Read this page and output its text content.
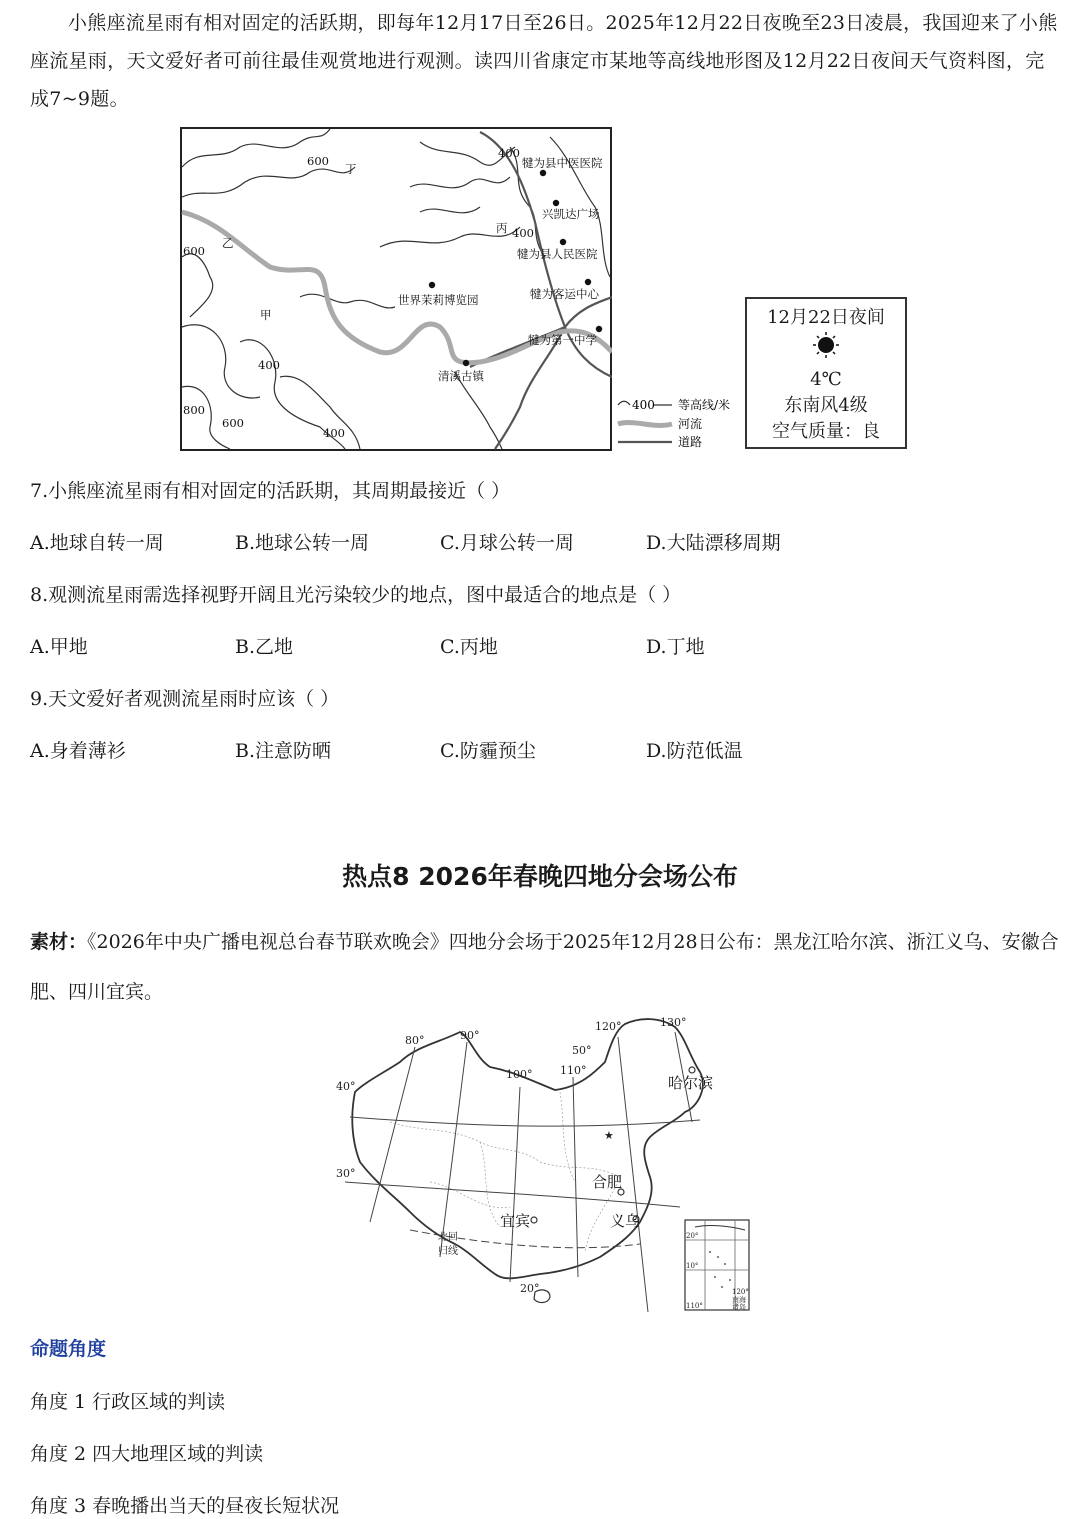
小熊座流星雨有相对固定的活跃期，即每年12月17日至26日。2025年12月22日夜晚至23日凌晨，我国迎来了小熊座流星雨，天文爱好者可前往最佳观赏地进行观测。读四川省康定市某地等高线地形图及12月22日夜间天气资料图，完成7~9题。
丁
乙
甲
丙
600
600
600
400
400
400
400
800
犍为县中医医院
兴凯达广场
犍为县人民医院
犍为客运中心
世界茉莉博览园
犍为第一中学
清溪古镇
400 等高线/米
河流
道路
12月22日夜间
4℃
东南风4级
空气质量：良
7.小熊座流星雨有相对固定的活跃期，其周期最接近（ ）
A.地球自转一周	B.地球公转一周	C.月球公转一周	D.大陆漂移周期
8.观测流星雨需选择视野开阔且光污染较少的地点，图中最适合的地点是（ ）
A.甲地	B.乙地	C.丙地	D.丁地
9.天文爱好者观测流星雨时应该（ ）
A.身着薄衫	B.注意防晒	C.防霾预尘	D.防范低温
热点8 2026年春晚四地分会场公布
素材：《2026年中央广播电视总台春节联欢晚会》四地分会场于2025年12月28日公布：黑龙江哈尔滨、浙江义乌、安徽合肥、四川宜宾。
★
80°	90°
100°	110°
120°	130°
50°
40°
30°
20°
北回
归线
哈尔滨
合肥
宜宾	义乌
20°
10°
110°
120°
南海
诸岛
命题角度
角度 1 行政区域的判读
角度 2 四大地理区域的判读
角度 3 春晚播出当天的昼夜长短状况
